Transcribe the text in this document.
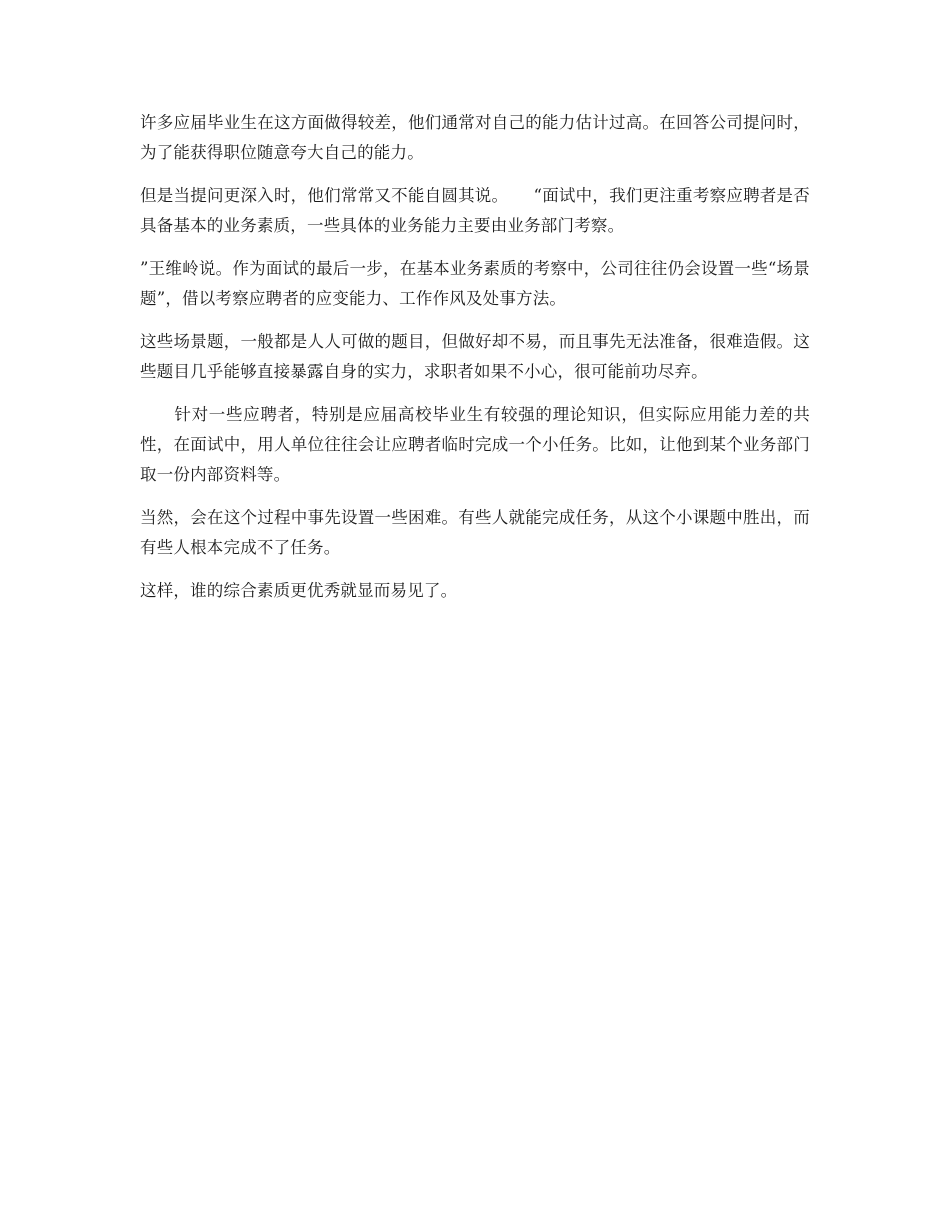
许多应届毕业生在这方面做得较差，他们通常对自己的能力估计过高。在回答公司提问时，为了能获得职位随意夸大自己的能力。

但是当提问更深入时，他们常常又不能自圆其说。　　“面试中，我们更注重考察应聘者是否具备基本的业务素质，一些具体的业务能力主要由业务部门考察。

”王维岭说。作为面试的最后一步，在基本业务素质的考察中，公司往往仍会设置一些“场景题”，借以考察应聘者的应变能力、工作作风及处事方法。

这些场景题，一般都是人人可做的题目，但做好却不易，而且事先无法准备，很难造假。这些题目几乎能够直接暴露自身的实力，求职者如果不小心，很可能前功尽弃。

　　针对一些应聘者，特别是应届高校毕业生有较强的理论知识，但实际应用能力差的共性，在面试中，用人单位往往会让应聘者临时完成一个小任务。比如，让他到某个业务部门取一份内部资料等。

当然，会在这个过程中事先设置一些困难。有些人就能完成任务，从这个小课题中胜出，而有些人根本完成不了任务。

这样，谁的综合素质更优秀就显而易见了。
